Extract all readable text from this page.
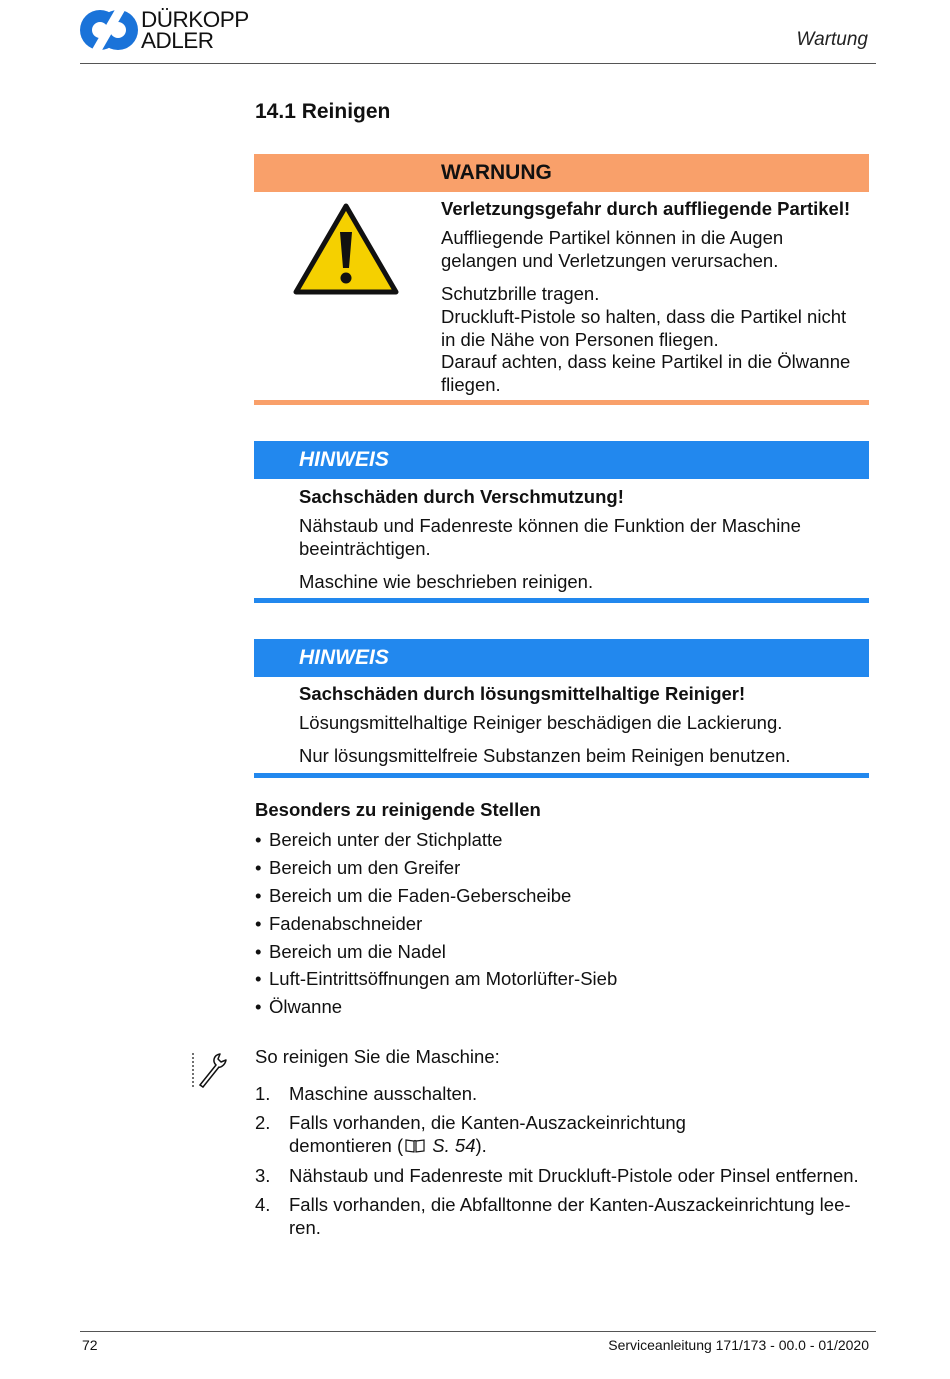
DÜRKOPP
ADLER	Wartung
14.1 Reinigen
WARNUNG
Verletzungsgefahr durch auffliegende Partikel!
Auffliegende Partikel können in die Augen
gelangen und Verletzungen verursachen.
Schutzbrille tragen.
Druckluft-Pistole so halten, dass die Partikel nicht
in die Nähe von Personen fliegen.
Darauf achten, dass keine Partikel in die Ölwanne
fliegen.
HINWEIS
Sachschäden durch Verschmutzung!
Nähstaub und Fadenreste können die Funktion der Maschine
beeinträchtigen.
Maschine wie beschrieben reinigen.
HINWEIS
Sachschäden durch lösungsmittelhaltige Reiniger!
Lösungsmittelhaltige Reiniger beschädigen die Lackierung.
Nur lösungsmittelfreie Substanzen beim Reinigen benutzen.
Besonders zu reinigende Stellen
• Bereich unter der Stichplatte
• Bereich um den Greifer
• Bereich um die Faden-Geberscheibe
• Fadenabschneider
• Bereich um die Nadel
• Luft-Eintrittsöffnungen am Motorlüfter-Sieb
• Ölwanne
So reinigen Sie die Maschine:
1. Maschine ausschalten.
2. Falls vorhanden, die Kanten-Auszackeinrichtung
demontieren ( S. 54).
3. Nähstaub und Fadenreste mit Druckluft-Pistole oder Pinsel entfernen.
4. Falls vorhanden, die Abfalltonne der Kanten-Auszackeinrichtung lee-
ren.
72	Serviceanleitung 171/173 - 00.0 - 01/2020
